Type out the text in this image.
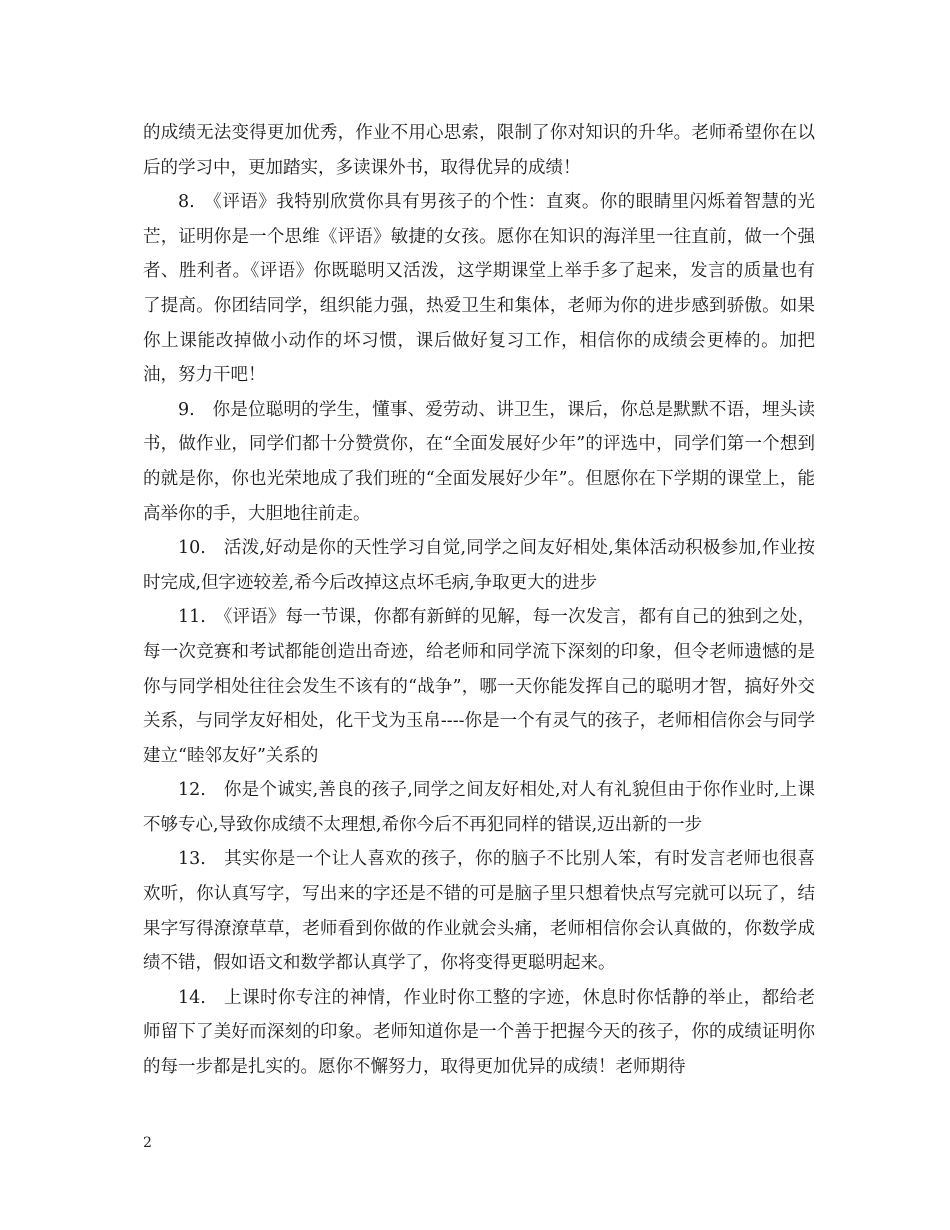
的成绩无法变得更加优秀，作业不用心思索，限制了你对知识的升华。老师希望你在以后的学习中，更加踏实，多读课外书，取得优异的成绩！

8.　《评语》我特别欣赏你具有男孩子的个性：直爽。你的眼睛里闪烁着智慧的光芒，证明你是一个思维《评语》敏捷的女孩。愿你在知识的海洋里一往直前，做一个强者、胜利者。《评语》你既聪明又活泼，这学期课堂上举手多了起来，发言的质量也有了提高。你团结同学，组织能力强，热爱卫生和集体，老师为你的进步感到骄傲。如果你上课能改掉做小动作的坏习惯，课后做好复习工作，相信你的成绩会更棒的。加把油，努力干吧！

9.　你是位聪明的学生，懂事、爱劳动、讲卫生，课后，你总是默默不语，埋头读书，做作业，同学们都十分赞赏你，在“全面发展好少年”的评选中，同学们第一个想到的就是你，你也光荣地成了我们班的“全面发展好少年”。但愿你在下学期的课堂上，能高举你的手，大胆地往前走。

10.　活泼,好动是你的天性学习自觉,同学之间友好相处,集体活动积极参加,作业按时完成,但字迹较差,希今后改掉这点坏毛病,争取更大的进步

11.　《评语》每一节课，你都有新鲜的见解，每一次发言，都有自己的独到之处，每一次竞赛和考试都能创造出奇迹，给老师和同学流下深刻的印象，但令老师遗憾的是你与同学相处往往会发生不该有的“战争”，哪一天你能发挥自己的聪明才智，搞好外交关系，与同学友好相处，化干戈为玉帛----你是一个有灵气的孩子，老师相信你会与同学建立“睦邻友好”关系的

12.　你是个诚实,善良的孩子,同学之间友好相处,对人有礼貌但由于你作业时,上课不够专心,导致你成绩不太理想,希你今后不再犯同样的错误,迈出新的一步

13.　其实你是一个让人喜欢的孩子，你的脑子不比别人笨，有时发言老师也很喜欢听，你认真写字，写出来的字还是不错的可是脑子里只想着快点写完就可以玩了，结果字写得潦潦草草，老师看到你做的作业就会头痛，老师相信你会认真做的，你数学成绩不错，假如语文和数学都认真学了，你将变得更聪明起来。

14.　上课时你专注的神情，作业时你工整的字迹，休息时你恬静的举止，都给老师留下了美好而深刻的印象。老师知道你是一个善于把握今天的孩子，你的成绩证明你的每一步都是扎实的。愿你不懈努力，取得更加优异的成绩！老师期待

2
